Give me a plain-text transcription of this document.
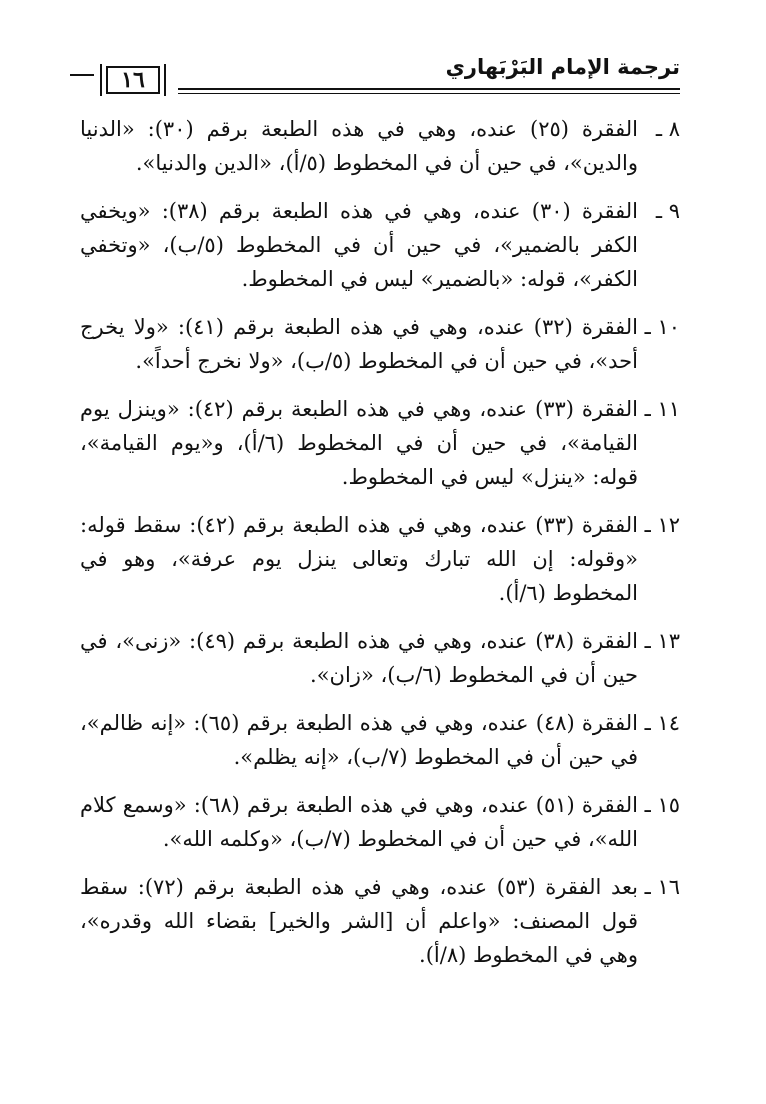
١٦	ترجمة الإمام البَرْبَهاري
٨ ـ
الفقرة (٢٥) عنده، وهي في هذه الطبعة برقم (٣٠): «الدنيا والدين»، في حين أن في المخطوط (٥/أ)، «الدين والدنيا».
٩ ـ
الفقرة (٣٠) عنده، وهي في هذه الطبعة برقم (٣٨): «ويخفي الكفر بالضمير»، في حين أن في المخطوط (٥/ب)، «وتخفي الكفر»، قوله: «بالضمير» ليس في المخطوط.
١٠ ـ
الفقرة (٣٢) عنده، وهي في هذه الطبعة برقم (٤١): «ولا يخرج أحد»، في حين أن في المخطوط (٥/ب)، «ولا نخرج أحداً».
١١ ـ
الفقرة (٣٣) عنده، وهي في هذه الطبعة برقم (٤٢): «وينزل يوم القيامة»، في حين أن في المخطوط (٦/أ)، و«يوم القيامة»، قوله: «ينزل» ليس في المخطوط.
١٢ ـ
الفقرة (٣٣) عنده، وهي في هذه الطبعة برقم (٤٢): سقط قوله: «وقوله: إن الله تبارك وتعالى ينزل يوم عرفة»، وهو في المخطوط (٦/أ).
١٣ ـ
الفقرة (٣٨) عنده، وهي في هذه الطبعة برقم (٤٩): «زنى»، في حين أن في المخطوط (٦/ب)، «زان».
١٤ ـ
الفقرة (٤٨) عنده، وهي في هذه الطبعة برقم (٦٥): «إنه ظالم»، في حين أن في المخطوط (٧/ب)، «إنه يظلم».
١٥ ـ
الفقرة (٥١) عنده، وهي في هذه الطبعة برقم (٦٨): «وسمع كلام الله»، في حين أن في المخطوط (٧/ب)، «وكلمه الله».
١٦ ـ
بعد الفقرة (٥٣) عنده، وهي في هذه الطبعة برقم (٧٢): سقط قول المصنف: «واعلم أن [الشر والخير] بقضاء الله وقدره»، وهي في المخطوط (٨/أ).
